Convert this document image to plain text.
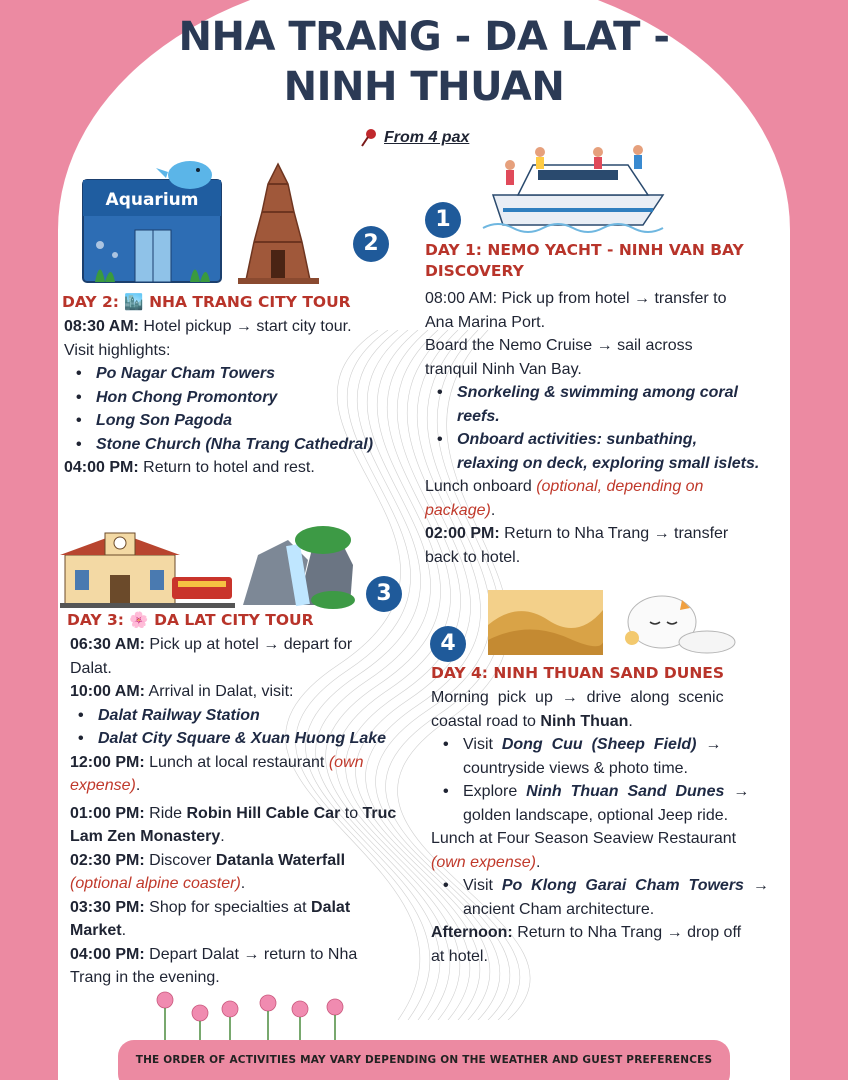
NHA TRANG - DA LAT -
NINH THUAN
From 4 pax
Aquarium
1
2
3
4
DAY 1: NEMO YACHT - NINH VAN BAY
DISCOVERY

08:00 AM: Pick up from hotel → transfer to

Ana Marina Port.

Board the Nemo Cruise → sail across

tranquil Ninh Van Bay.

• Snorkeling & swimming among coral
reefs.
• Onboard activities: sunbathing,
relaxing on deck, exploring small islets.

Lunch onboard (optional, depending on

package).

02:00 PM: Return to Nha Trang → transfer

back to hotel.

DAY 2: 🏙️ NHA TRANG CITY TOUR

08:30 AM: Hotel pickup → start city tour.

Visit highlights:

• Po Nagar Cham Towers
• Hon Chong Promontory
• Long Son Pagoda
• Stone Church (Nha Trang Cathedral)

04:00 PM: Return to hotel and rest.

DAY 3: 🌸 DA LAT CITY TOUR

06:30 AM: Pick up at hotel → depart for

Dalat.

10:00 AM: Arrival in Dalat, visit:

• Dalat Railway Station
• Dalat City Square & Xuan Huong Lake

12:00 PM: Lunch at local restaurant (own

expense).

01:00 PM: Ride Robin Hill Cable Car to Truc

Lam Zen Monastery.

02:30 PM: Discover Datanla Waterfall

(optional alpine coaster).

03:30 PM: Shop for specialties at Dalat

Market.

04:00 PM: Depart Dalat → return to Nha

Trang in the evening.

DAY 4: NINH THUAN SAND DUNES

Morning  pick  up  →  drive  along  scenic

coastal road to Ninh Thuan.

• Visit  Dong  Cuu  (Sheep  Field)  →
countryside views & photo time.
• Explore  Ninh  Thuan  Sand  Dunes  →
golden landscape, optional Jeep ride.

Lunch at Four Season Seaview Restaurant

(own expense).

• Visit  Po  Klong  Garai  Cham  Towers  →
ancient Cham architecture.

Afternoon: Return to Nha Trang → drop off

at hotel.

THE ORDER OF ACTIVITIES MAY VARY DEPENDING ON THE WEATHER AND GUEST PREFERENCES
